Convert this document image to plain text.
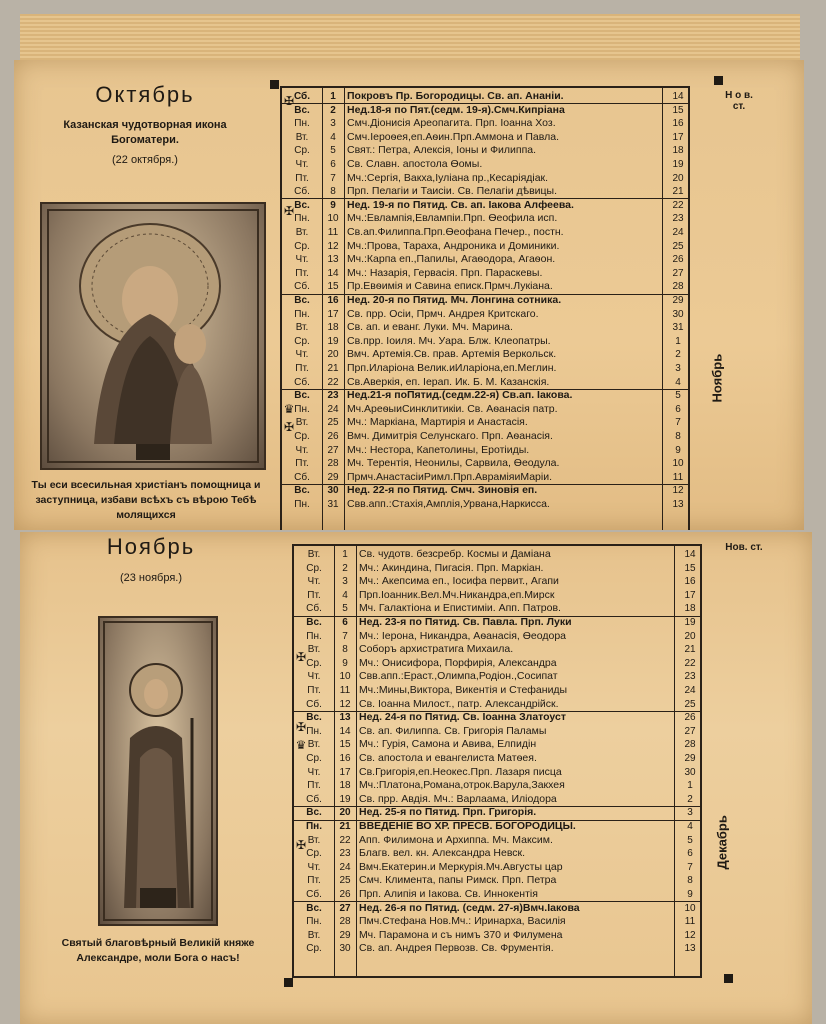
Октябрь
Казанская чудотворная икона Богоматери.
(22 октября.)
Ты еси всесильная христіанъ помощница и заступница, избави всѣхъ съ вѣрою Тебѣ молящихся
Сб.	1	Покровъ Пр. Богородицы. Св. ап. Ананіи.	14
Вс.	2	Нед.18-я по Пят.(седм. 19-я).Смч.Кипріана	15
Пн.	3	Смч.Діонисія Ареопагита. Прп. Іоанна Хоз.	16
Вт.	4	Смч.Іероѳея,еп.Аѳин.Прп.Аммона и Павла.	17
Ср.	5	Свят.: Петра, Алексія, Іоны и Филиппа.	18
Чт.	6	Св. Славн. апостола Ѳомы.	19
Пт.	7	Мч.:Сергія, Вакха,Іуліана пр.,Кесаріядіак.	20
Сб.	8	Прп. Пелагіи и Таисіи. Св. Пелагіи дѣвицы.	21
Вс.	9	Нед. 19-я по Пятид. Св. ап. Іакова Алфеева.	22
Пн.	10 Мч.:Евлампія,Евлампіи.Прп. Ѳеофила исп.	23
Вт.	11 Св.ап.Филиппа.Прп.Ѳеофана Печер., постн.	24
Ср.	12 Мч.:Прова, Тараха, Андроника и Доминики.	25
Чт.	13 Мч.:Карпа еп.,Папилы, Агаѳодора, Агаѳон.	26
Пт.	14 Мч.: Назарія, Гервасія. Прп. Параскевы.	27
Сб.	15 Пр.Евѳимія и Савина еписк.Прмч.Лукіана.	28
Вс.	16 Нед. 20-я по Пятид. Мч. Лонгина сотника.	29
Пн.	17 Св. прр. Осіи, Прмч. Андрея Критскаго.	30
Вт.	18 Св. ап. и еванг. Луки. Мч. Марина.	31
Ср.	19 Св.прр. Іоиля. Мч. Уара. Блж. Клеопатры.	1
Чт.	20 Вмч. Артемія.Св. прав. Артемія Веркольск.	2
Пт.	21 Прп.Иларіона Велик.иИларіона,еп.Меглин.	3
Сб.	22 Св.Аверкія, еп. Іерап. Ик. Б. М. Казанскія.	4
Вс.	23 Нед.21-я поПятид.(седм.22-я) Св.ап. Іакова.	5
Пн.	24 Мч.АреѳыиСинклитикіи. Св. Аѳанасія патр.	6
Вт.	25 Мч.: Маркіана, Мартирія и Анастасія.	7
Ср.	26 Вмч. Димитрія Селунскаго. Прп. Аѳанасія.	8
Чт.	27 Мч.: Нестора, Капетолины, Еротіиды.	9
Пт.	28 Мч. Терентія, Неонилы, Сарвила, Ѳеодула.	10
Сб.	29 Прмч.АнастасіиРимл.Прп.АвраміяиМаріи.	11
Вс.	30 Нед. 22-я по Пятид. Смч. Зиновія еп.	12
Пн.	31 Свв.апп.:Стахія,Амплія,Урвана,Наркисса.	13
✠
✠
♛
✠
Н о в. ст.
Ноябрь
Ноябрь
(23 ноября.)
Святый благовѣрный Великій княже Александре, моли Бога о насъ!
Вт.	1	Св. чудотв. безсребр. Космы и Даміана	14
Ср.	2	Мч.: Акиндина, Пигасія. Прп. Маркіан.	15
Чт.	3	Мч.: Акепсима еп., Іосифа первит., Агапи	16
Пт.	4	Прп.Іоанник.Вел.Мч.Никандра,еп.Мирск	17
Сб.	5	Мч. Галактіона и Епистиміи. Апп. Патров.	18
Вс.	6	Нед. 23-я по Пятид. Св. Павла. Прп. Луки	19
Пн.	7	Мч.: Іерона, Никандра, Аѳанасія, Ѳеодора	20
Вт.	8	Соборъ архистратига Михаила.	21
Ср.	9	Мч.: Онисифора, Порфирія, Александра	22
Чт.	10 Свв.апп.:Ераст.,Олимпа,Родіон.,Сосипат	23
Пт.	11 Мч.:Мины,Виктора, Викентія и Стефаниды	24
Сб.	12 Св. Іоанна Милост., патр. Александрійск.	25
Вс.	13 Нед. 24-я по Пятид. Св. Іоанна Златоуст	26
Пн.	14 Св. ап. Филиппа. Св. Григорія Паламы	27
Вт.	15 Мч.: Гурія, Самона и Авива, Елпидін	28
Ср.	16 Св. апостола и евангелиста Матѳея.	29
Чт.	17 Св.Григорія,еп.Неокес.Прп. Лазаря писца	30
Пт.	18 Мч.:Платона,Романа,отрок.Варула,Закхея	1
Сб.	19 Св. прр. Авдія. Мч.: Варлаама, Иліодора	2
Вс.	20 Нед. 25-я по Пятид. Прп. Григорія.	3
Пн.	21 ВВЕДЕНІЕ ВО ХР. ПРЕСВ. БОГОРОДИЦЫ.	4
Вт.	22 Апп. Филимона и Архиппа. Мч. Максим.	5
Ср.	23 Благв. вел. кн. Александра Невск.	6
Чт.	24 Вмч.Екатерин.и Меркурія.Мч.Августы цар	7
Пт.	25 Смч. Климента, папы Римск. Прп. Петра	8
Сб.	26 Прп. Алипія и Іакова. Св. Иннокентія	9
Вс.	27 Нед. 26-я по Пятид. (седм. 27-я)Вмч.Іакова	10
Пн.	28 Пмч.Стефана Нов.Мч.: Иринарха, Василія	11
Вт.	29 Мч. Парамона и съ нимъ 370 и Филумена	12
Ср.	30 Св. ап. Андрея Первозв. Св. Фрументія.	13
✠
✠
♛
✠
Нов. ст.
Декабрь
